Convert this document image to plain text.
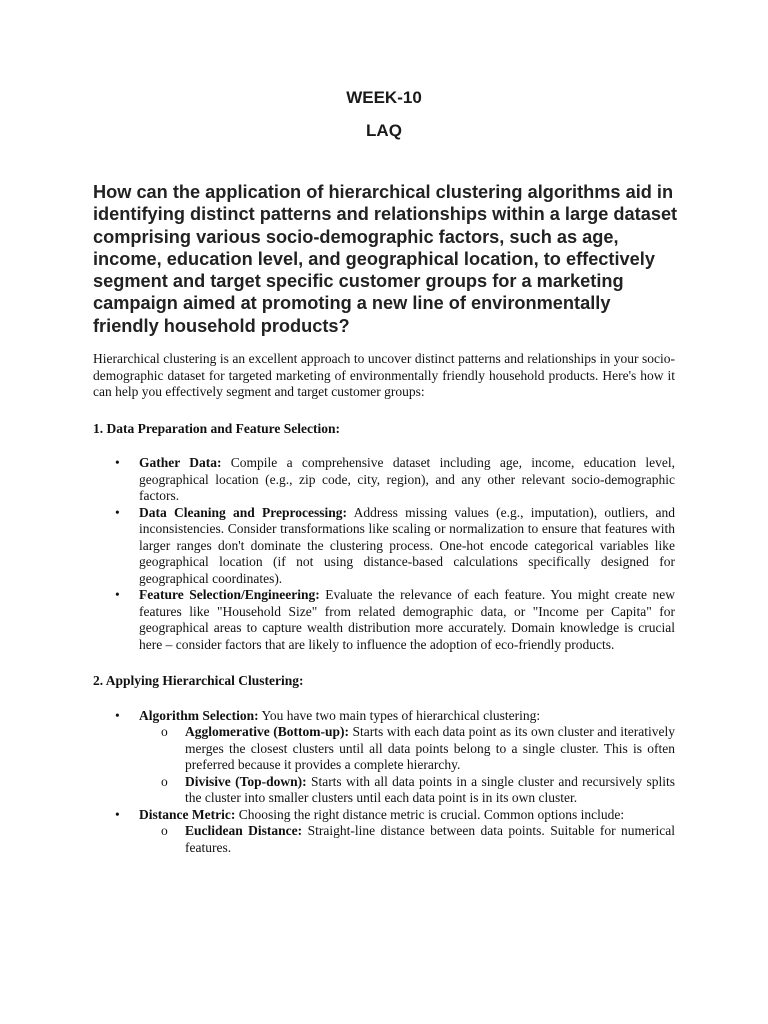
WEEK-10
LAQ

How can the application of hierarchical clustering algorithms aid in identifying distinct patterns and relationships within a large dataset comprising various socio-demographic factors, such as age, income, education level, and geographical location, to effectively segment and target specific customer groups for a marketing campaign aimed at promoting a new line of environmentally friendly household products?

Hierarchical clustering is an excellent approach to uncover distinct patterns and relationships in your socio-demographic dataset for targeted marketing of environmentally friendly household products. Here's how it can help you effectively segment and target customer groups:

1. Data Preparation and Feature Selection:

• Gather Data: Compile a comprehensive dataset including age, income, education level, geographical location (e.g., zip code, city, region), and any other relevant socio-demographic factors.
• Data Cleaning and Preprocessing: Address missing values (e.g., imputation), outliers, and inconsistencies. Consider transformations like scaling or normalization to ensure that features with larger ranges don't dominate the clustering process. One-hot encode categorical variables like geographical location (if not using distance-based calculations specifically designed for geographical coordinates).
• Feature Selection/Engineering: Evaluate the relevance of each feature. You might create new features like "Household Size" from related demographic data, or "Income per Capita" for geographical areas to capture wealth distribution more accurately. Domain knowledge is crucial here – consider factors that are likely to influence the adoption of eco-friendly products.

2. Applying Hierarchical Clustering:

• Algorithm Selection: You have two main types of hierarchical clustering:
o Agglomerative (Bottom-up): Starts with each data point as its own cluster and iteratively merges the closest clusters until all data points belong to a single cluster. This is often preferred because it provides a complete hierarchy.
o Divisive (Top-down): Starts with all data points in a single cluster and recursively splits the cluster into smaller clusters until each data point is in its own cluster.
• Distance Metric: Choosing the right distance metric is crucial. Common options include:
o Euclidean Distance: Straight-line distance between data points. Suitable for numerical features.
